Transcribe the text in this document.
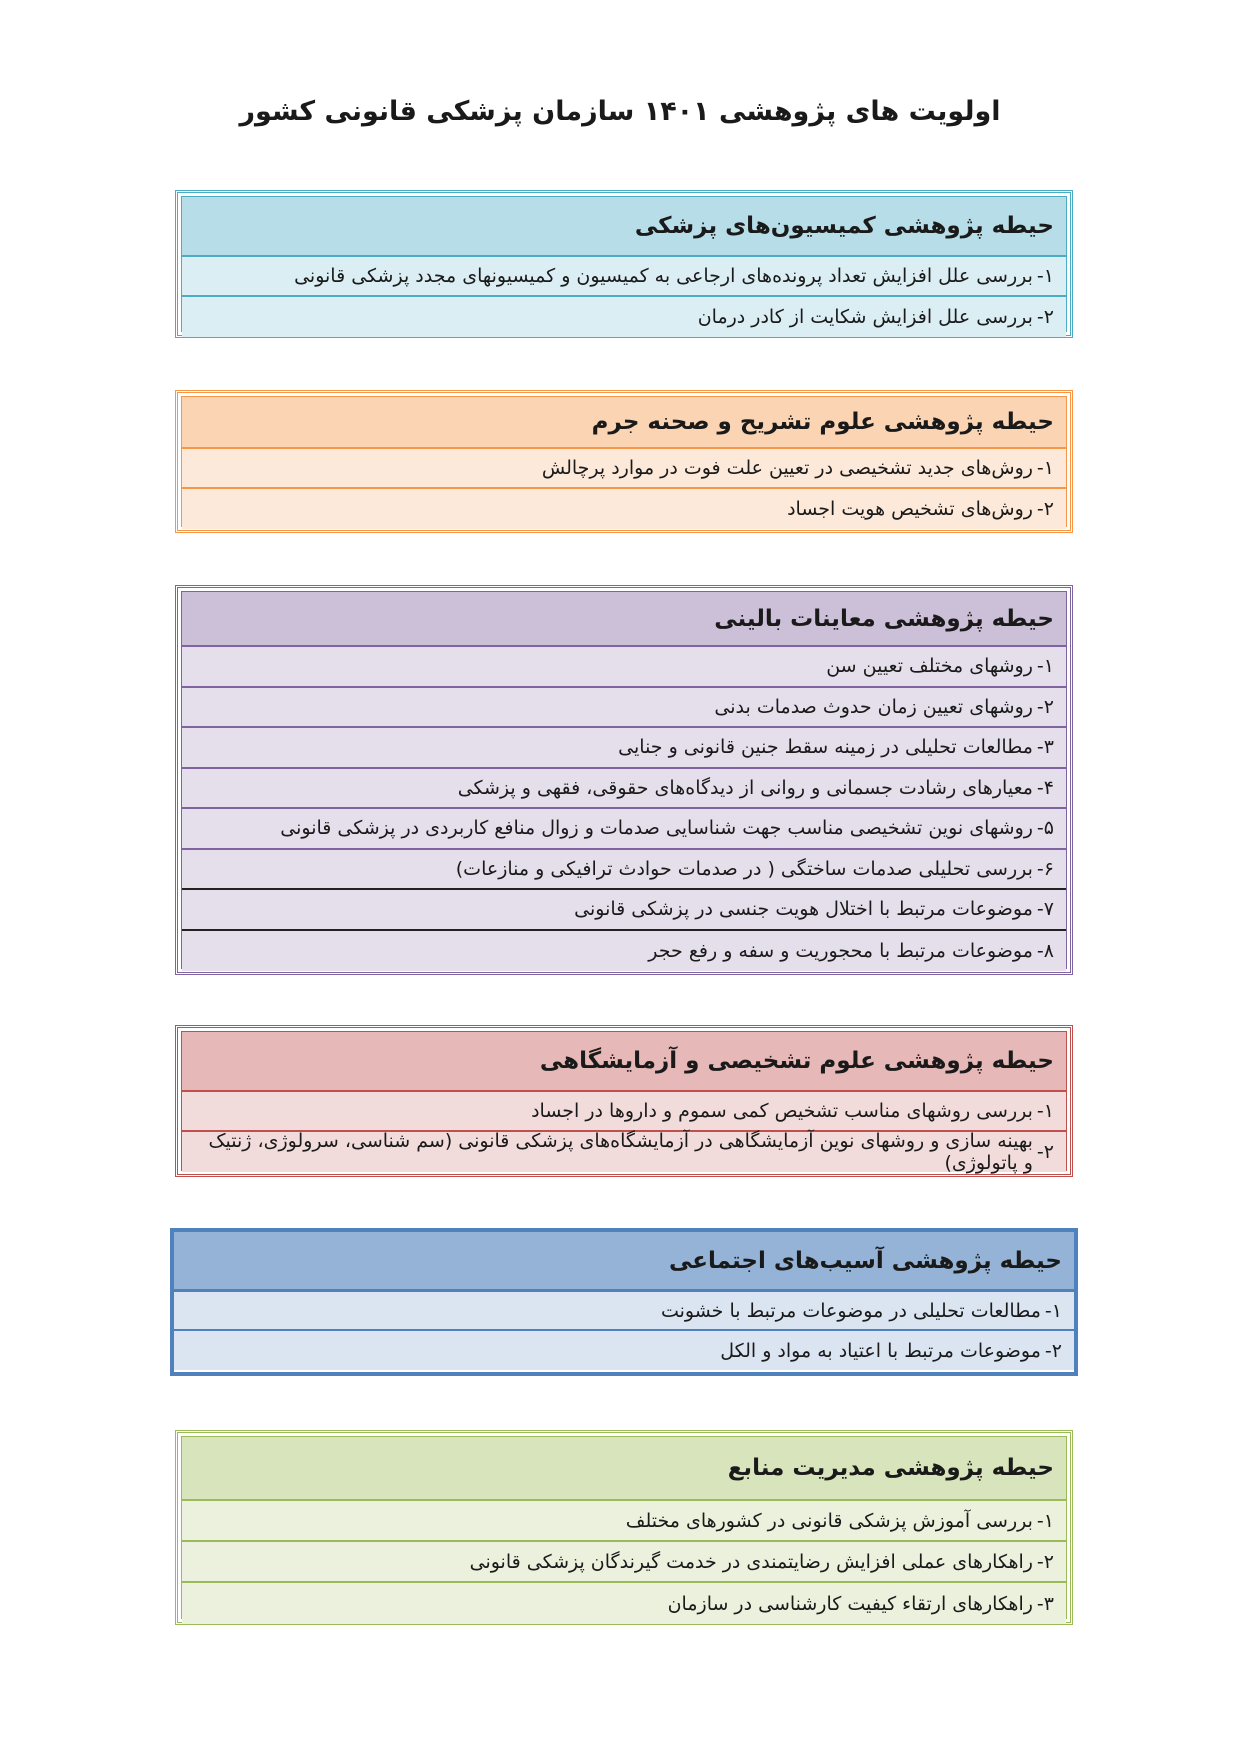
اولویت های پژوهشی ۱۴۰۱ سازمان پزشکی قانونی کشور
حیطه پژوهشی کمیسیون‌های پزشکی
۱-
بررسی علل افزایش تعداد پرونده‌های ارجاعی به کمیسیون و کمیسیونهای مجدد پزشکی قانونی
۲-
بررسی علل افزایش شکایت از کادر درمان
حیطه پژوهشی علوم تشریح و صحنه جرم
۱-
روش‌های جدید تشخیصی در تعیین علت فوت در موارد پرچالش
۲-
روش‌های تشخیص هویت اجساد
حیطه پژوهشی معاینات بالینی
۱-
روشهای مختلف تعیین سن
۲-
روشهای تعیین زمان حدوث صدمات بدنی
۳-
مطالعات تحلیلی در زمینه سقط جنین قانونی و جنایی
۴-
معیارهای رشادت جسمانی و روانی از دیدگاه‌های حقوقی، فقهی و پزشکی
۵-
روشهای نوین تشخیصی مناسب جهت شناسایی صدمات و زوال منافع کاربردی در پزشکی قانونی
۶-
بررسی تحلیلی صدمات ساختگی ( در صدمات حوادث ترافیکی و منازعات)
۷-
موضوعات مرتبط با اختلال هویت جنسی در پزشکی قانونی
۸-
موضوعات مرتبط با محجوریت و سفه و رفع حجر
حیطه پژوهشی علوم تشخیصی و آزمایشگاهی
۱-
بررسی روشهای مناسب تشخیص کمی سموم و داروها در اجساد
۲-
بهینه سازی و روشهای نوین آزمایشگاهی در آزمایشگاه‌های پزشکی قانونی (سم شناسی، سرولوژی، ژنتیک و پاتولوژی)
حیطه پژوهشی آسیب‌های اجتماعی
۱-
مطالعات تحلیلی در موضوعات مرتبط با خشونت
۲-
موضوعات مرتبط با اعتیاد به مواد و الکل
حیطه پژوهشی مدیریت منابع
۱-
بررسی آموزش پزشکی قانونی در کشورهای مختلف
۲-
راهکارهای عملی افزایش رضایتمندی در خدمت گیرندگان پزشکی قانونی
۳-
راهکارهای ارتقاء کیفیت کارشناسی در سازمان
